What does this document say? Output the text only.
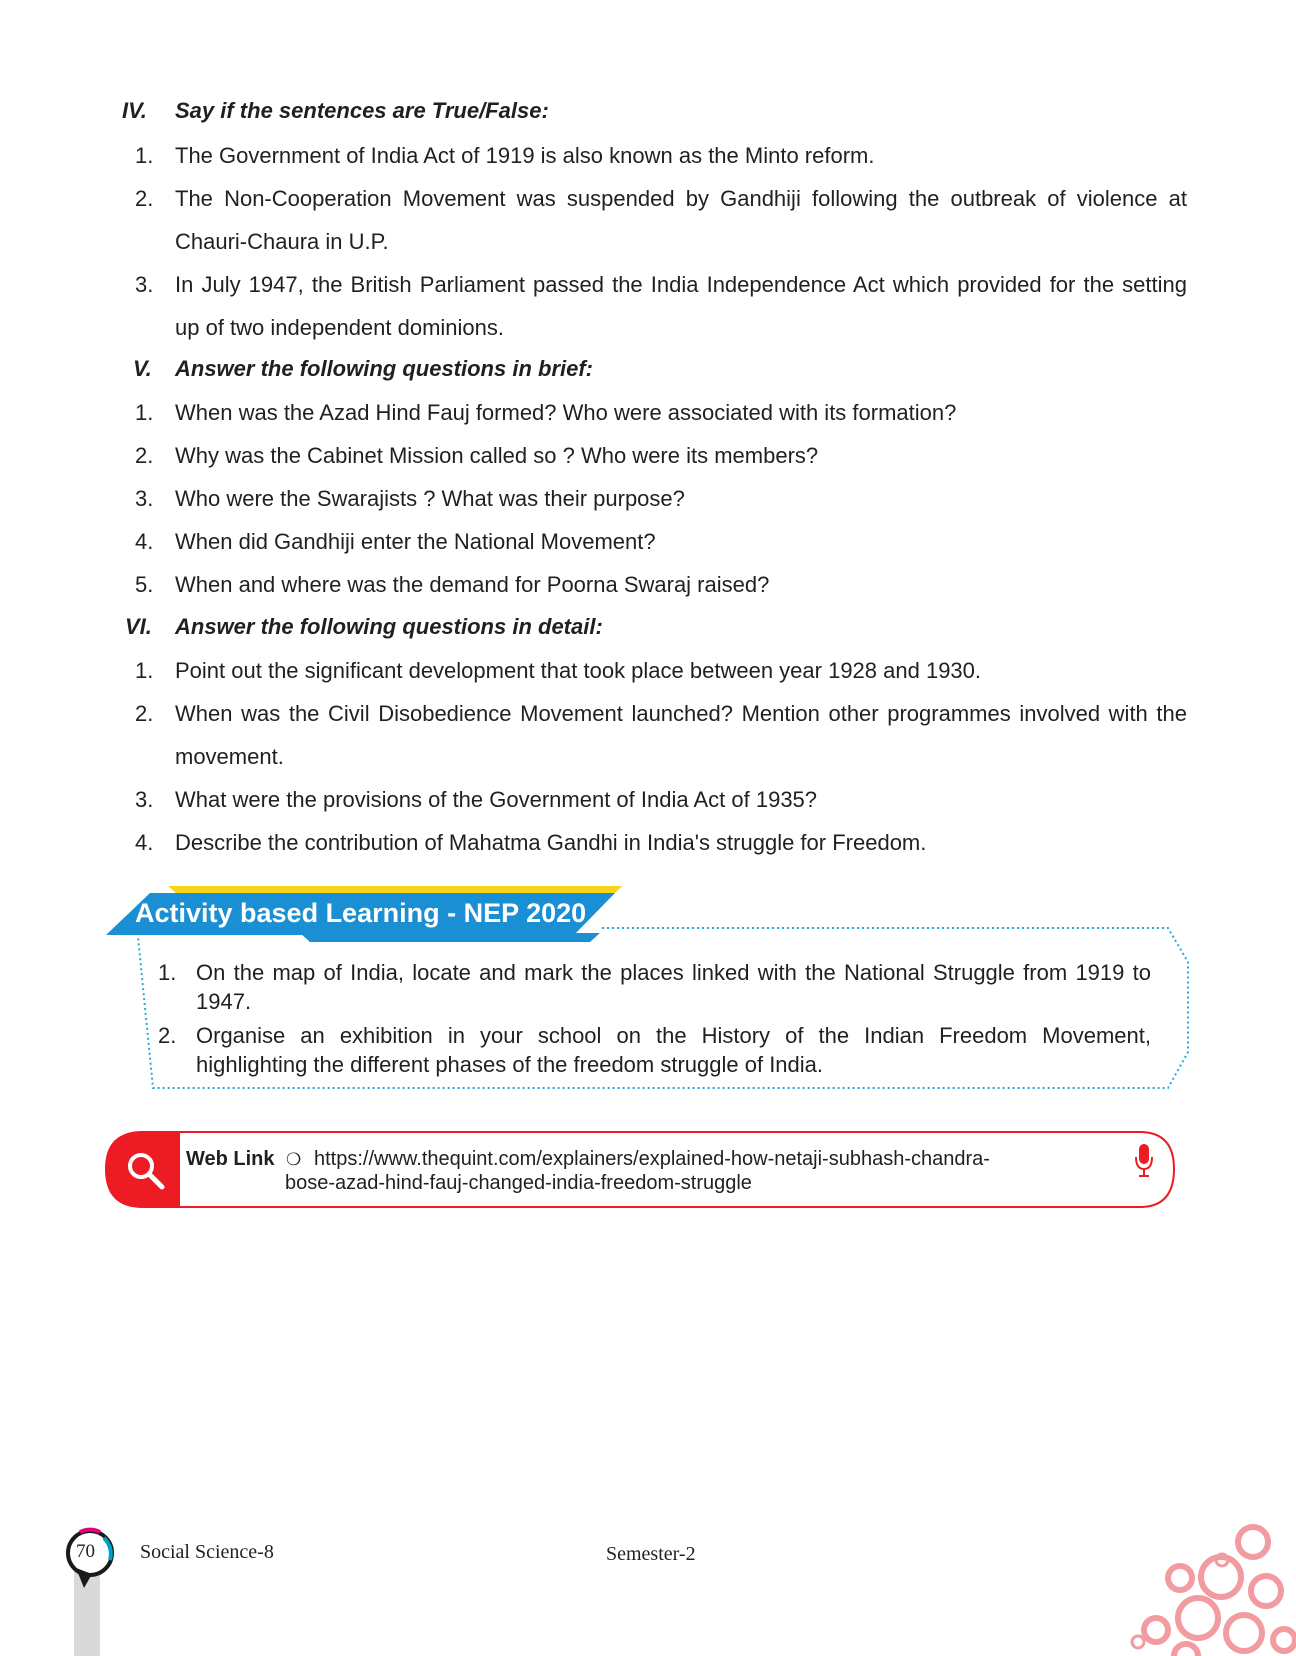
IV. Say if the sentences are True/False:
1. The Government of India Act of 1919 is also known as the Minto reform.
2. The Non-Cooperation Movement was suspended by Gandhiji following the outbreak of violence at Chauri-Chaura in U.P.
3. In July 1947, the British Parliament passed the India Independence Act which provided for the setting up of two independent dominions.
V. Answer the following questions in brief:
1. When was the Azad Hind Fauj formed? Who were associated with its formation?
2. Why was the Cabinet Mission called so ? Who were its members?
3. Who were the Swarajists ? What was their purpose?
4. When did Gandhiji enter the National Movement?
5. When and where was the demand for Poorna Swaraj raised?
VI. Answer the following questions in detail:
1. Point out the significant development that took place between year 1928 and 1930.
2. When was the Civil Disobedience Movement launched? Mention other programmes involved with the movement.
3. What were the provisions of the Government of India Act of 1935?
4. Describe the contribution of Mahatma Gandhi in India's struggle for Freedom.
Activity based Learning - NEP 2020
1. On the map of India, locate and mark the places linked with the National Struggle from 1919 to 1947.
2. Organise an exhibition in your school on the History of the Indian Freedom Movement, highlighting the different phases of the freedom struggle of India.
Web Link ❍ https://www.thequint.com/explainers/explained-how-netaji-subhash-chandra-
bose-azad-hind-fauj-changed-india-freedom-struggle
70 Social Science-8	Semester-2
